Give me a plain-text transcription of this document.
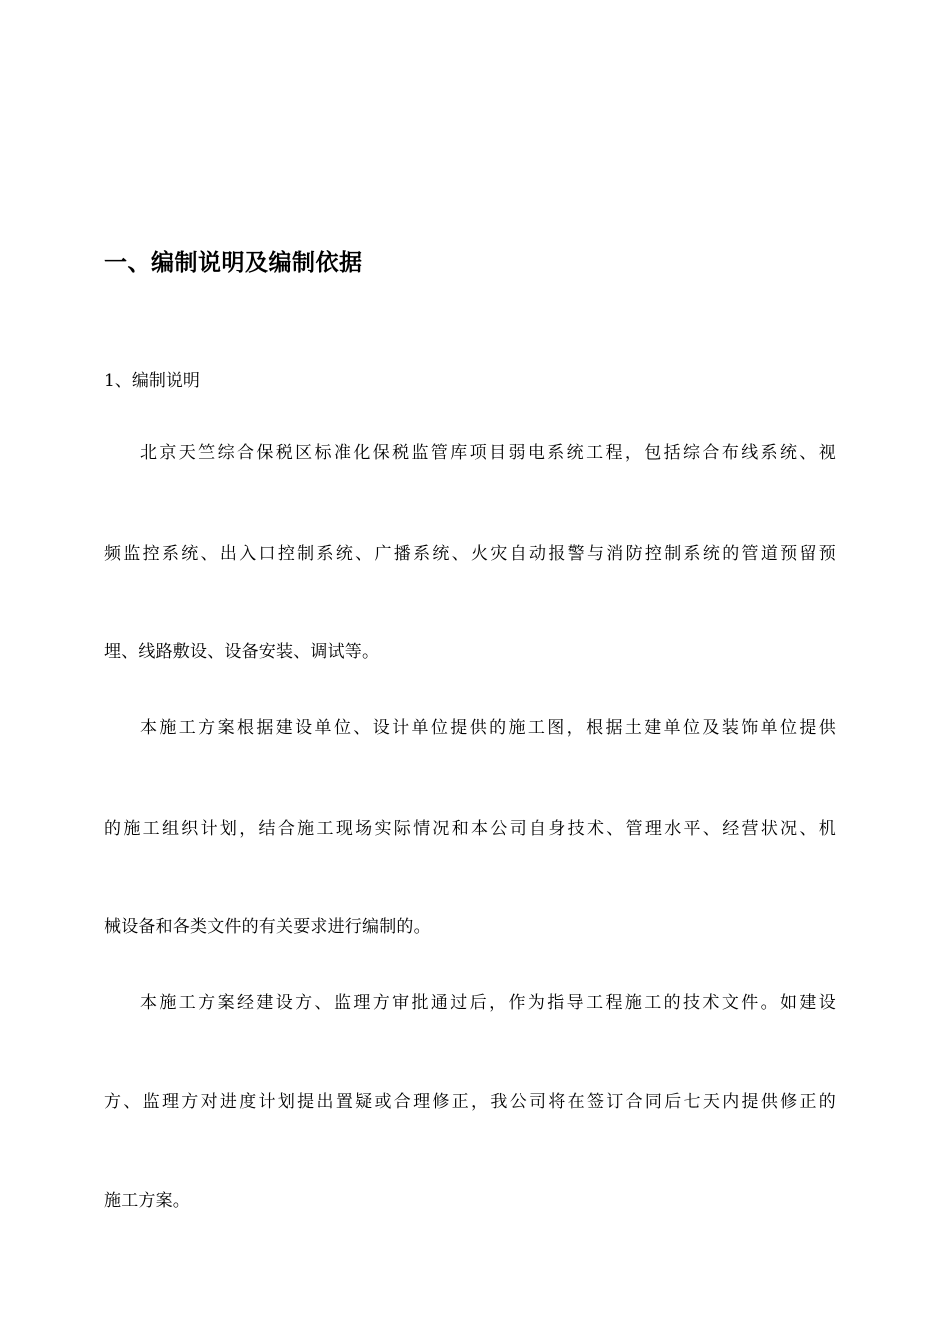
一、编制说明及编制依据
1、编制说明
北京天竺综合保税区标准化保税监管库项目弱电系统工程，包括综合布线系统、视
频监控系统、出入口控制系统、广播系统、火灾自动报警与消防控制系统的管道预留预
埋、线路敷设、设备安装、调试等。
本施工方案根据建设单位、设计单位提供的施工图，根据土建单位及装饰单位提供
的施工组织计划，结合施工现场实际情况和本公司自身技术、管理水平、经营状况、机
械设备和各类文件的有关要求进行编制的。
本施工方案经建设方、监理方审批通过后，作为指导工程施工的技术文件。如建设
方、监理方对进度计划提出置疑或合理修正，我公司将在签订合同后七天内提供修正的
施工方案。
